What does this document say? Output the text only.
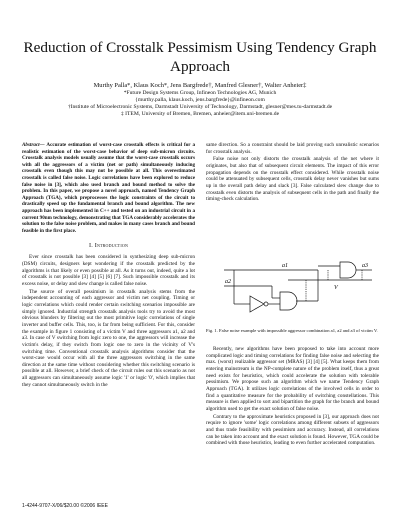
Reduction of Crosstalk Pessimism Using Tendency Graph Approach
Murthy Palla*, Klaus Koch*, Jens Bargfrede†, Manfred Glesner†, Walter Anheier‡
*Future Design Systems Group, Infineon Technologies AG, Munich
{murthy.palla, klaus.koch, jens.bargfrede}@infineon.com
†Institute of Microelectronic Systems, Darmstadt University of Technology, Darmstadt, glesner@mes.tu-darmstadt.de
‡ ITEM, University of Bremen, Bremen, anheier@item.uni-bremen.de
Abstract— Accurate estimation of worst-case crosstalk effects is critical for a realistic estimation of the worst-case behavior of deep sub-micron circuits. Crosstalk analysis models usually assume that the worst-case crosstalk occurs with all the aggressors of a victim (net or path) simultaneously inducing crosstalk even though this may not be possible at all. This overestimated crosstalk is called false noise. Logic correlations have been explored to reduce false noise in [3], which also used branch and bound method to solve the problem. In this paper, we propose a novel approach, named Tendency Graph Approach (TGA), which preprocesses the logic constraints of the circuit to drastically speed up the fundamental branch and bound algorithm. The new approach has been implemented in C++ and tested on an industrial circuit in a current 90nm technology, demonstrating that TGA considerably accelerates the solution to the false noise problem, and makes in many cases branch and bound feasible in the first place.
I. Introduction
Ever since crosstalk has been considered in synthesizing deep sub-micron (DSM) circuits, designers kept wondering if the crosstalk predicted by the algorithms is that likely or even possible at all. As it turns out, indeed, quite a lot of crosstalk is not possible [3] [4] [5] [6] [7]. Such impossible crosstalk and its excess noise, or delay and slew change is called false noise.
The source of overall pessimism in crosstalk analysis stems from the independent accounting of each aggressor and victim net coupling. Timing or logic correlations which could render certain switching scenarios impossible are simply ignored. Industrial strength crosstalk analysis tools try to avoid the most obvious blunders by filtering out the most primitive logic correlations of single inverter and buffer cells. This, too, is far from being sufficient. For this, consider the example in figure 1 consisting of a victim V and three aggressors a1, a2 and a3. In case of V switching from logic zero to one, the aggressors will increase the victim's delay, if they switch from logic one to zero in the vicinity of V's switching time. Conventional crosstalk analysis algorithms consider that the worst-case would occur with all the three aggressors switching in the same direction at the same time without considering whether this switching scenario is possible at all. However, a brief check of the circuit rules out this scenario as not all aggressors can simultaneously assume logic '1' or logic '0', which implies that they cannot simultaneously switch in the
same direction. So a constraint should be laid proving such unrealistic scenarios for crosstalk analysis.
False noise not only distorts the crosstalk analysis of the net where it originates, but also that of subsequent circuit elements. The impact of this error propagation depends on the crosstalk effect considered. While crosstalk noise could be attenuated by subsequent cells, crosstalk delay never vanishes but sums up in the overall path delay and slack [3]. False calculated slew change due to crosstalk even distorts the analysis of subsequent cells in the path and finally the timing-check calculation.
a1
a2
a3
V
Fig. 1. False noise example with impossible aggressor combination a1, a2 and a3 of victim V.
Recently, new algorithms have been proposed to take into account more complicated logic and timing correlations for finding false noise and selecting the max. (worst) realizable aggressor set (MRAS) [3] [4] [5]. What keeps them from entering mainstream is the NP-complete nature of the problem itself, thus a great need exists for heuristics, which could accelerate the solution with tolerable pessimism. We propose such an algorithm which we name Tendency Graph Approach (TGA). It utilizes logic correlations of the involved cells in order to find a quantitative measure for the probability of switching constellations. This measure is then applied to sort and bipartition the graph for the branch and bound algorithm used to get the exact solution of false noise.
Contrary to the approximate heuristics proposed in [3], our approach does not require to ignore 'some' logic correlations among different subsets of aggressors and thus trade feasibility with pessimism and accuracy. Instead, all correlations can be taken into account and the exact solution is found. However, TGA could be combined with those heuristics, leading to even further accelerated computation.
1-4244-9707-X/06/$20.00 ©2006 IEEE
